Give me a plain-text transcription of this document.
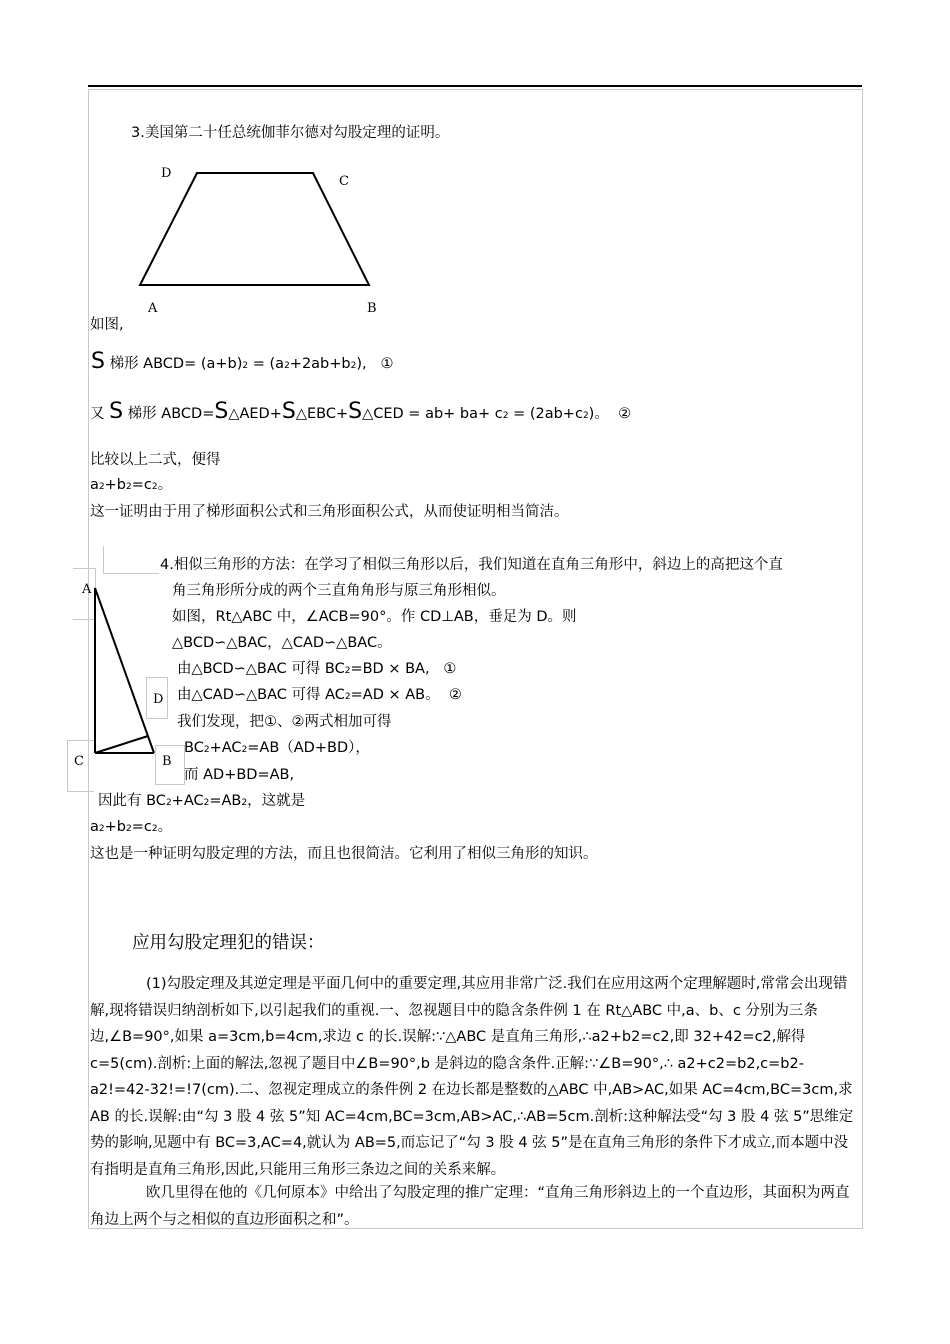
3.美国第二十任总统伽菲尔德对勾股定理的证明。
D
C
A	B
如图,
S 梯形 ABCD= (a+b)2 = (a2+2ab+b2), ①
又 S 梯形 ABCD=S△AED+S△EBC+S△CED = ab+ ba+ c2 = (2ab+c2)。 ②
比较以上二式，便得
a2+b2=c2。
这一证明由于用了梯形面积公式和三角形面积公式，从而使证明相当简洁。
A
D
C	B
4.相似三角形的方法：在学习了相似三角形以后，我们知道在直角三角形中，斜边上的高把这个直
角三角形所分成的两个三直角角形与原三角形相似。
如图，Rt△ABC 中，∠ACB=90°。作 CD⊥AB，垂足为 D。则
△BCD∽△BAC，△CAD∽△BAC。
由△BCD∽△BAC 可得 BC2=BD × BA, ①
由△CAD∽△BAC 可得 AC2=AD × AB。 ②
我们发现，把①、②两式相加可得
BC2+AC2=AB（AD+BD），
而 AD+BD=AB,
因此有 BC2+AC2=AB2，这就是
a2+b2=c2。
这也是一种证明勾股定理的方法，而且也很简洁。它利用了相似三角形的知识。
应用勾股定理犯的错误：
(1)勾股定理及其逆定理是平面几何中的重要定理,其应用非常广泛.我们在应用这两个定理解题时,常常会出现错解,现将错误归纳剖析如下,以引起我们的重视.一、忽视题目中的隐含条件例 1 在 Rt△ABC 中,a、b、c 分别为三条边,∠B=90°,如果 a=3cm,b=4cm,求边 c 的长.误解:∵△ABC 是直角三角形,∴a2+b2=c2,即 32+42=c2,解得 c=5(cm).剖析:上面的解法,忽视了题目中∠B=90°,b 是斜边的隐含条件.正解:∵∠B=90°,∴ a2+c2=b2,c=b2-a2!=42-32!=!7(cm).二、忽视定理成立的条件例 2 在边长都是整数的△ABC 中,AB>AC,如果 AC=4cm,BC=3cm,求 AB 的长.误解:由“勾 3 股 4 弦 5”知 AC=4cm,BC=3cm,AB>AC,∴AB=5cm.剖析:这种解法受“勾 3 股 4 弦 5”思维定势的影响,见题中有 BC=3,AC=4,就认为 AB=5,而忘记了“勾 3 股 4 弦 5”是在直角三角形的条件下才成立,而本题中没有指明是直角三角形,因此,只能用三角形三条边之间的关系来解。
欧几里得在他的《几何原本》中给出了勾股定理的推广定理：“直角三角形斜边上的一个直边形，其面积为两直角边上两个与之相似的直边形面积之和”。
